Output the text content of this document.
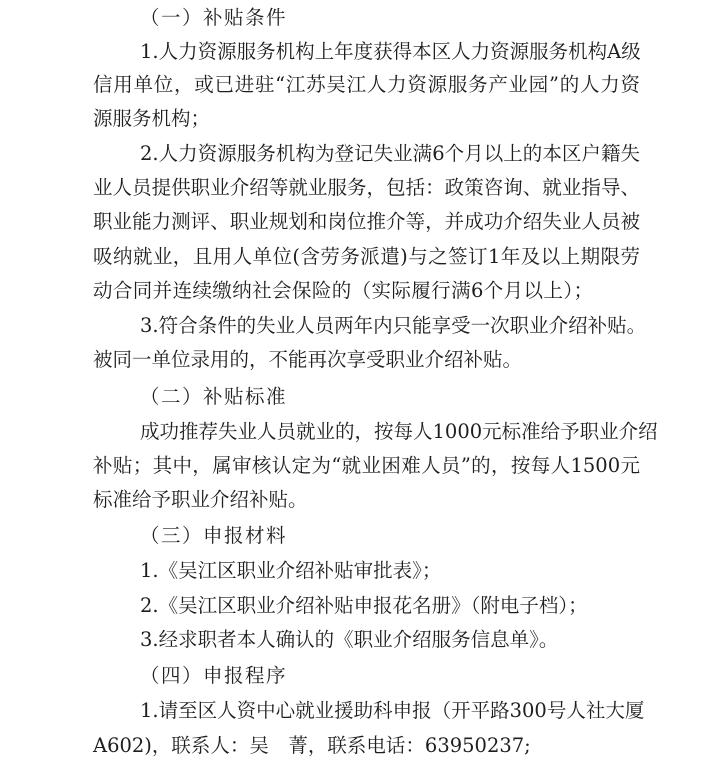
（一）补贴条件
1.人力资源服务机构上年度获得本区人力资源服务机构A级
信用单位，或已进驻“江苏吴江人力资源服务产业园”的人力资
源服务机构；
2.人力资源服务机构为登记失业满6个月以上的本区户籍失
业人员提供职业介绍等就业服务，包括：政策咨询、就业指导、
职业能力测评、职业规划和岗位推介等，并成功介绍失业人员被
吸纳就业，且用人单位(含劳务派遣)与之签订1年及以上期限劳
动合同并连续缴纳社会保险的（实际履行满6个月以上）；
3.符合条件的失业人员两年内只能享受一次职业介绍补贴。
被同一单位录用的，不能再次享受职业介绍补贴。
（二）补贴标准
成功推荐失业人员就业的，按每人1000元标准给予职业介绍
补贴；其中，属审核认定为“就业困难人员”的，按每人1500元
标准给予职业介绍补贴。
（三）申报材料
1.《吴江区职业介绍补贴审批表》；
2.《吴江区职业介绍补贴申报花名册》（附电子档）；
3.经求职者本人确认的《职业介绍服务信息单》。
（四）申报程序
1.请至区人资中心就业援助科申报（开平路300号人社大厦
A602)，联系人：吴　菁，联系电话：63950237;
